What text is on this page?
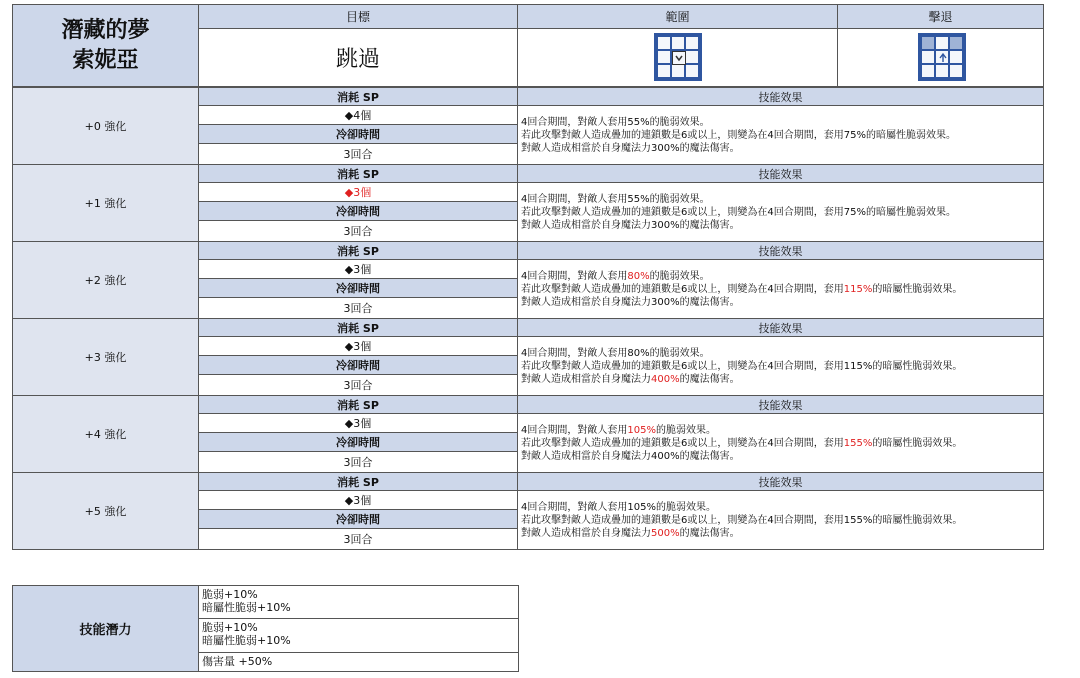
潛藏的夢
索妮亞
目標	範圍	擊退
跳過
+0 強化
消耗 SP
◆4個
冷卻時間
3回合
技能效果
4回合期間，對敵人套用55%的脆弱效果。
若此攻擊對敵人造成疊加的連鎖數是6或以上，則變為在4回合期間，套用75%的暗屬性脆弱效果。
對敵人造成相當於自身魔法力300%的魔法傷害。
+1 強化
消耗 SP
◆3個
冷卻時間
3回合
技能效果
4回合期間，對敵人套用55%的脆弱效果。
若此攻擊對敵人造成疊加的連鎖數是6或以上，則變為在4回合期間，套用75%的暗屬性脆弱效果。
對敵人造成相當於自身魔法力300%的魔法傷害。
+2 強化
消耗 SP
◆3個
冷卻時間
3回合
技能效果
4回合期間，對敵人套用80%的脆弱效果。
若此攻擊對敵人造成疊加的連鎖數是6或以上，則變為在4回合期間，套用115%的暗屬性脆弱效果。
對敵人造成相當於自身魔法力300%的魔法傷害。
+3 強化
消耗 SP
◆3個
冷卻時間
3回合
技能效果
4回合期間，對敵人套用80%的脆弱效果。
若此攻擊對敵人造成疊加的連鎖數是6或以上，則變為在4回合期間，套用115%的暗屬性脆弱效果。
對敵人造成相當於自身魔法力400%的魔法傷害。
+4 強化
消耗 SP
◆3個
冷卻時間
3回合
技能效果
4回合期間，對敵人套用105%的脆弱效果。
若此攻擊對敵人造成疊加的連鎖數是6或以上，則變為在4回合期間，套用155%的暗屬性脆弱效果。
對敵人造成相當於自身魔法力400%的魔法傷害。
+5 強化
消耗 SP
◆3個
冷卻時間
3回合
技能效果
4回合期間，對敵人套用105%的脆弱效果。
若此攻擊對敵人造成疊加的連鎖數是6或以上，則變為在4回合期間，套用155%的暗屬性脆弱效果。
對敵人造成相當於自身魔法力500%的魔法傷害。
技能潛力
脆弱+10%
暗屬性脆弱+10%
脆弱+10%
暗屬性脆弱+10%
傷害量 +50%
